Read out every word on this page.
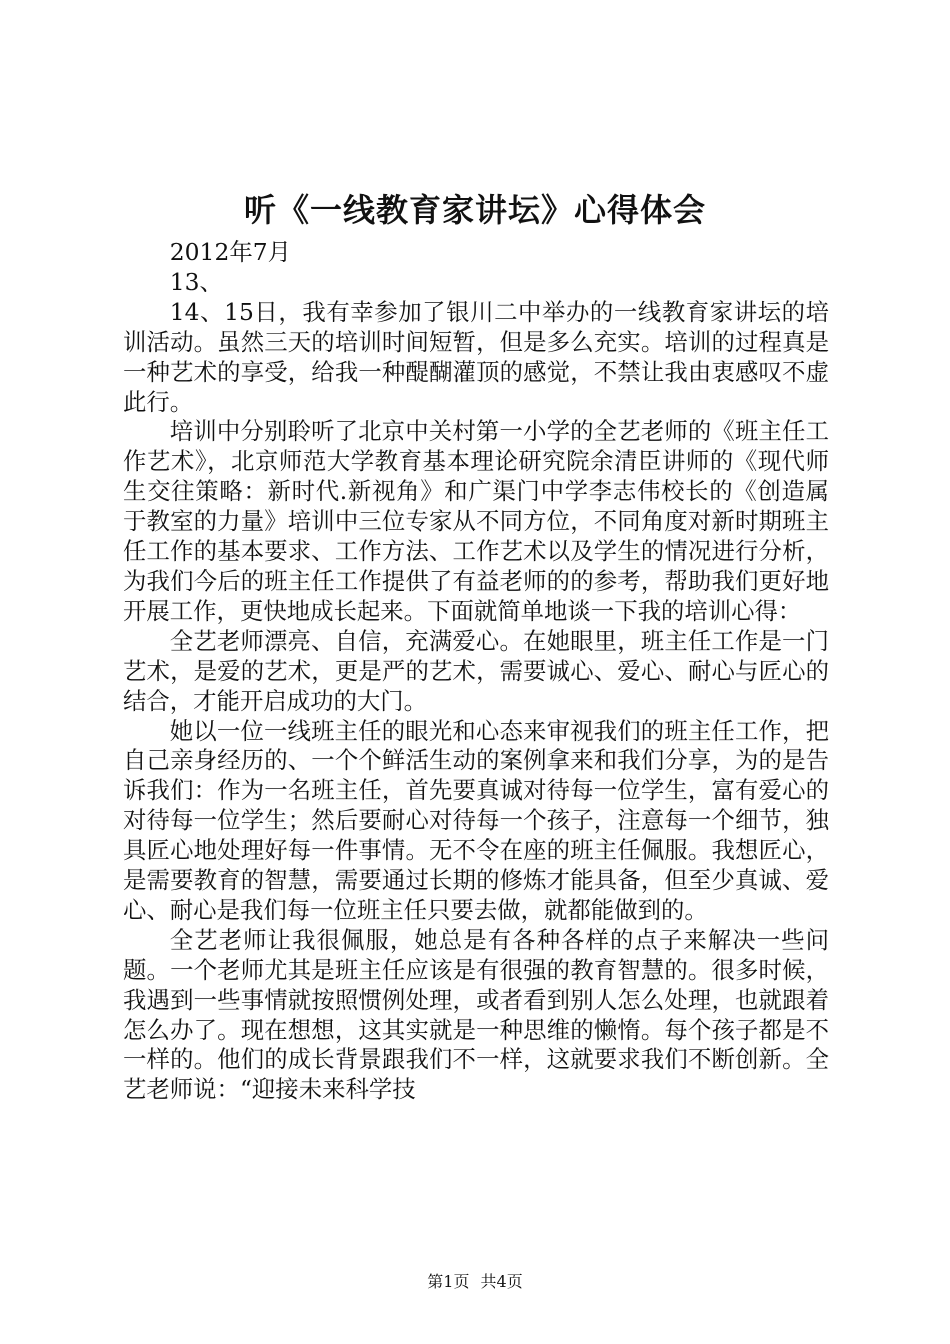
听《一线教育家讲坛》心得体会

2012年7月

13、

14、15日，我有幸参加了银川二中举办的一线教育家讲坛的培训活动。虽然三天的培训时间短暂，但是多么充实。培训的过程真是一种艺术的享受，给我一种醍醐灌顶的感觉，不禁让我由衷感叹不虚此行。

培训中分别聆听了北京中关村第一小学的全艺老师的《班主任工作艺术》，北京师范大学教育基本理论研究院余清臣讲师的《现代师生交往策略：新时代.新视角》和广渠门中学李志伟校长的《创造属于教室的力量》培训中三位专家从不同方位，不同角度对新时期班主任工作的基本要求、工作方法、工作艺术以及学生的情况进行分析，为我们今后的班主任工作提供了有益老师的的参考，帮助我们更好地开展工作，更快地成长起来。下面就简单地谈一下我的培训心得：

全艺老师漂亮、自信，充满爱心。在她眼里，班主任工作是一门艺术，是爱的艺术，更是严的艺术，需要诚心、爱心、耐心与匠心的结合，才能开启成功的大门。

她以一位一线班主任的眼光和心态来审视我们的班主任工作，把自己亲身经历的、一个个鲜活生动的案例拿来和我们分享，为的是告诉我们：作为一名班主任，首先要真诚对待每一位学生，富有爱心的对待每一位学生；然后要耐心对待每一个孩子，注意每一个细节，独具匠心地处理好每一件事情。无不令在座的班主任佩服。我想匠心，是需要教育的智慧，需要通过长期的修炼才能具备，但至少真诚、爱心、耐心是我们每一位班主任只要去做，就都能做到的。

全艺老师让我很佩服，她总是有各种各样的点子来解决一些问题。一个老师尤其是班主任应该是有很强的教育智慧的。很多时候，我遇到一些事情就按照惯例处理，或者看到别人怎么处理，也就跟着怎么办了。现在想想，这其实就是一种思维的懒惰。每个孩子都是不一样的。他们的成长背景跟我们不一样，这就要求我们不断创新。全艺老师说：“迎接未来科学技

第1页 共4页
